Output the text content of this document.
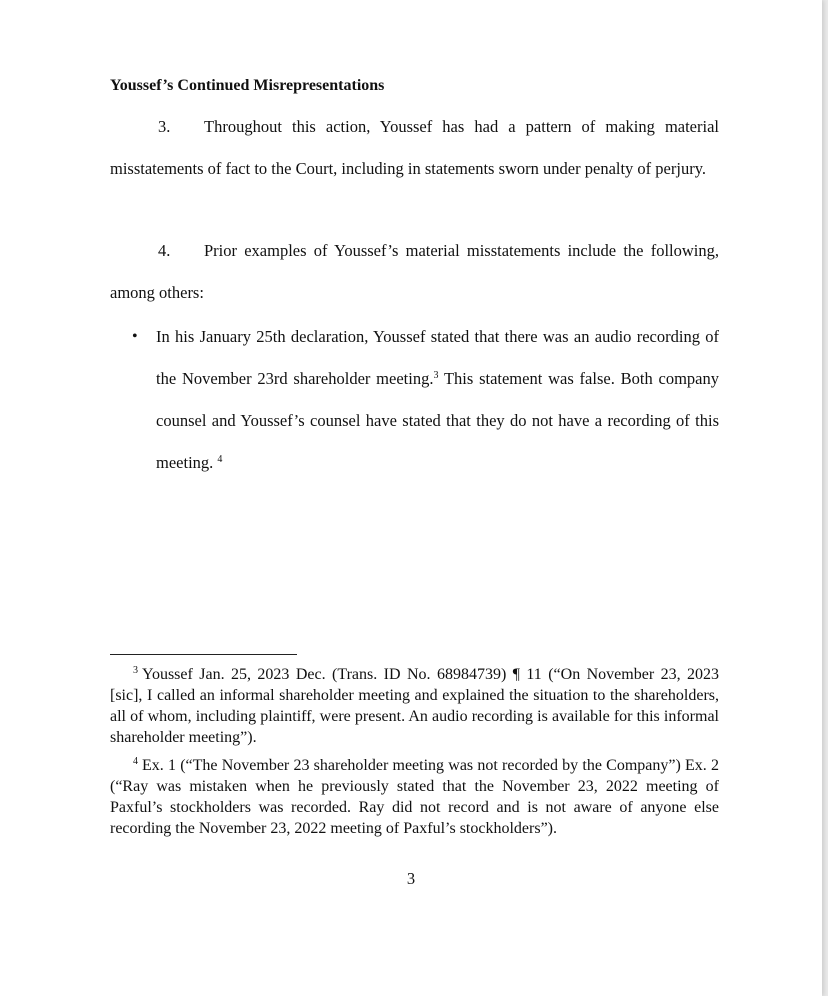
Youssef’s Continued Misrepresentations
3. Throughout this action, Youssef has had a pattern of making material misstatements of fact to the Court, including in statements sworn under penalty of perjury.
4. Prior examples of Youssef’s material misstatements include the following, among others:
• In his January 25th declaration, Youssef stated that there was an audio recording of the November 23rd shareholder meeting.$^3$ This statement was false. Both company counsel and Youssef’s counsel have stated that they do not have a recording of this meeting. $^4$
$^3$ Youssef Jan. 25, 2023 Dec. (Trans. ID No. 68984739) ¶ 11 (“On November 23, 2023 [sic], I called an informal shareholder meeting and explained the situation to the shareholders, all of whom, including plaintiff, were present. An audio recording is available for this informal shareholder meeting”).
$^4$ Ex. 1 (“The November 23 shareholder meeting was not recorded by the Company”) Ex. 2 (“Ray was mistaken when he previously stated that the November 23, 2022 meeting of Paxful’s stockholders was recorded. Ray did not record and is not aware of anyone else recording the November 23, 2022 meeting of Paxful’s stockholders”).
3
